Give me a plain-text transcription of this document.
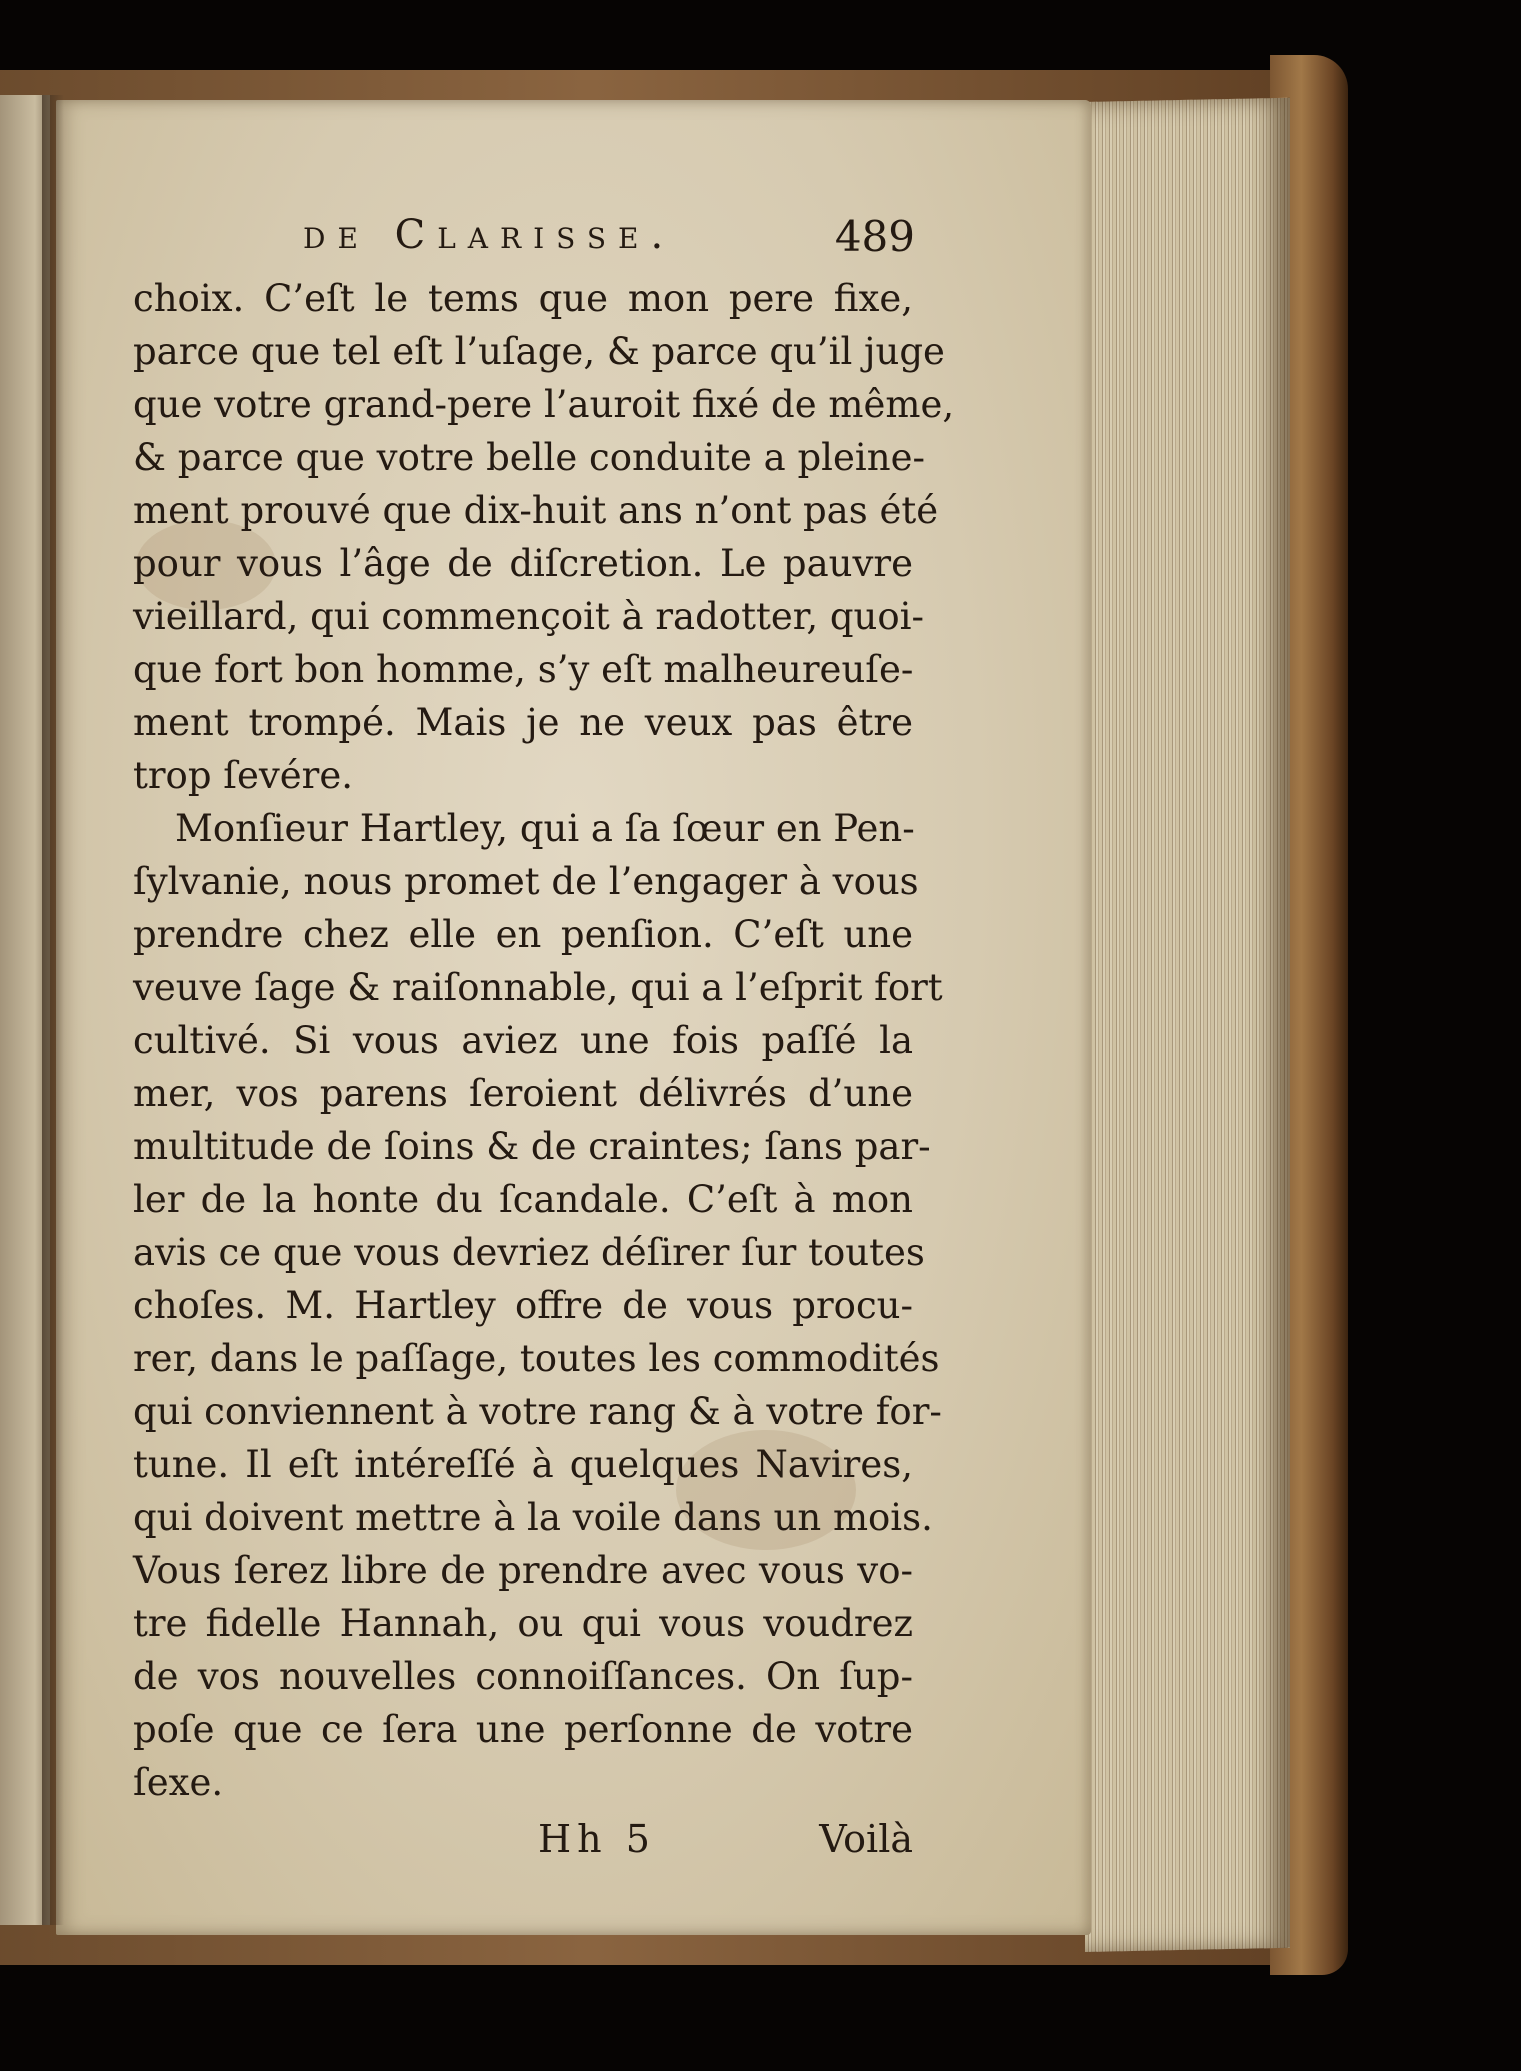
de Clarisse.	489
choix. C’eſt le tems que mon pere fixe,
parce que tel eſt l’uſage, & parce qu’il juge
que votre grand-pere l’auroit fixé de même,
& parce que votre belle conduite a pleine-
ment prouvé que dix-huit ans n’ont pas été
pour vous l’âge de diſcretion. Le pauvre
vieillard, qui commençoit à radotter, quoi-
que fort bon homme, s’y eſt malheureuſe-
ment trompé. Mais je ne veux pas être
trop ſevére.
Monſieur Hartley, qui a ſa ſœur en Pen-
ſylvanie, nous promet de l’engager à vous
prendre chez elle en penſion. C’eſt une
veuve ſage & raiſonnable, qui a l’eſprit fort
cultivé. Si vous aviez une fois paſſé la
mer, vos parens ſeroient délivrés d’une
multitude de ſoins & de craintes; ſans par-
ler de la honte du ſcandale. C’eſt à mon
avis ce que vous devriez déſirer ſur toutes
choſes. M. Hartley offre de vous procu-
rer, dans le paſſage, toutes les commodités
qui conviennent à votre rang & à votre for-
tune. Il eſt intéreſſé à quelques Navires,
qui doivent mettre à la voile dans un mois.
Vous ſerez libre de prendre avec vous vo-
tre fidelle Hannah, ou qui vous voudrez
de vos nouvelles connoiſſances. On ſup-
poſe que ce ſera une perſonne de votre
ſexe.
Hh 5	Voilà
